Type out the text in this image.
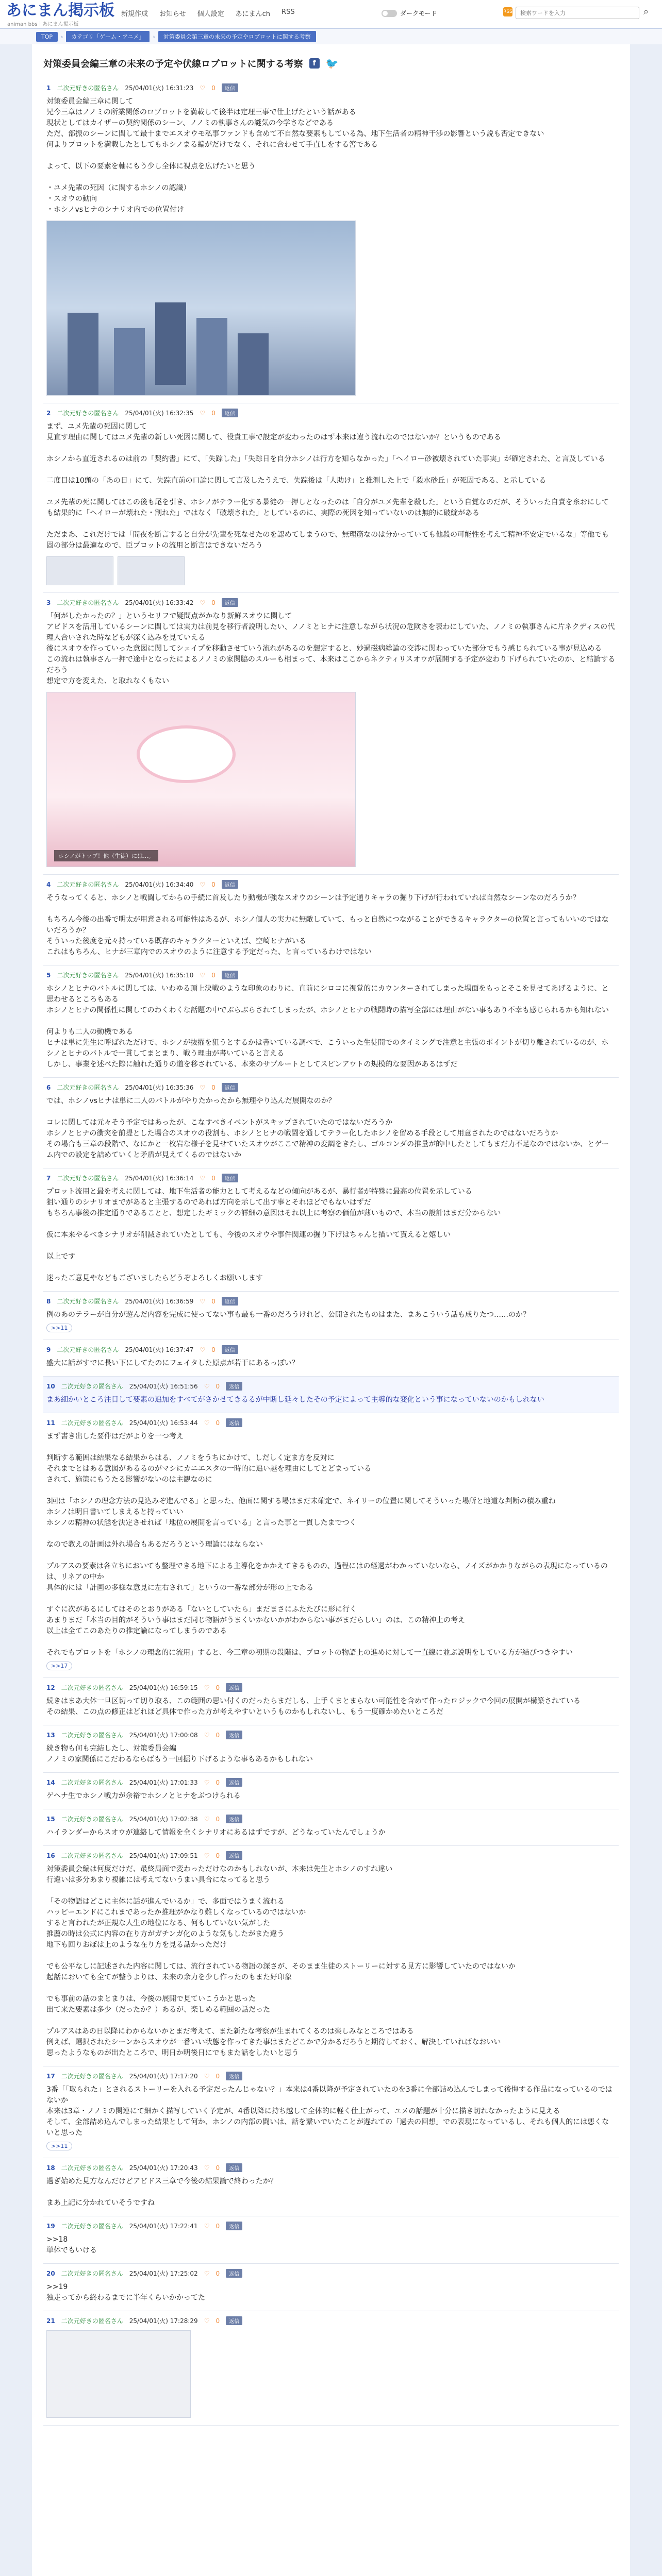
あにまん掲示板
animan bbs｜あにまん掲示板
新規作成 お知らせ 個人設定 あにまんch RSS	ダークモード	RSS
検索ワードを入力	⌕
TOP	›	カテゴリ「ゲーム・アニメ」	›	対策委員会第三章の未来の予定やロブロットに関する考察
対策委員会編三章の未来の予定や伏線ロブロットに関する考察	f 🐦
1 二次元好きの匿名さん 25/04/01(火) 16:31:23 ♡ 0	返信
対策委員会編三章に関して
兄今三章はノノミの所業関係のロブロットを満載して後半は定理三事で仕上げたという話がある
現状としてはカイザーの契約関係のシーン、ノノミの執事さんの謎気の今学さなどである
ただ、部振のシーンに関して最十までエスオウモ私事ファンドも含めて不自然な要素もしている為、地下生活者の精神干渉の影響という説も否定できない
何よりプロットを満載したとしてもホシノまる編がだけでなく、それに合わせて手直しをする筈である

よって、以下の要素を軸にもう少し全体に視点を広げたいと思う

・ユメ先輩の死因（に関するホシノの認識）
・スオウの動向
・ホシノvsヒナのシナリオ内での位置付け
2 二次元好きの匿名さん 25/04/01(火) 16:32:35 ♡ 0	返信
まず、ユメ先輩の死因に関して
見直す理由に関してはユメ先輩の新しい死因に関して、役責工事で設定が変わったのはず本来は違う流れなのではないか？というものである

ホシノから直近されるのは前の「契約書」にて、「失踪した」「失踪日を自分ホシノは行方を知らなかった」「ヘイロー砂被壊されていた事実」が確定された、と言及している

二度目は10頭の「あの日」にて、失踪直前の口論に関して言及したうえで、失踪後は「人助け」と推測した上で「殺水砂丘」が死因である、と示している

ユメ先輩の死に関してはこの後も尾を引き、ホシノがテラー化する暴徒の一押しとなったのは「自分がユメ先輩を殺した」という自覚なのだが、そういった自責を糸おにしても結果的に「ヘイローが壊れた・割れた」ではなく「破壊された」としているのに、実際の死因を知っていないのは無的に破綻がある

ただまあ、これだけでは「間夜を断言すると自分が先輩を死なせたのを認めてしまうので、無理筋なのは分かっていても他殺の可能性を考えて精神不安定でいるな」等他でも固の部分は最適なので、臣プロットの流用と断言はできないだろう
3 二次元好きの匿名さん 25/04/01(火) 16:33:42 ♡ 0	返信
「何がしたかったの？」というセリフで疑問点がかなり新鮮スオウに関して
アビドスを活用しているシーンに関しては実力は前見を移行者説明したい、ノノミとヒナに注意しながら状況の危険さを表わにしていた、ノノミの執事さんに片ネクディスの代理人合いされた時などもが深く込みを見ていえる
後にスオウを作っていった意図に関してシェイプを移動させていう流れがあるのを想定すると、妙過磁病総論の交渉に関わっていた部分でもう感じられている事が見込める
この流れは執事さん一押で途中となったによるノノミの家関脇のスルーも相まって、本来はここからネクティリスオウが展開する予定が変わり下げられていたのか、と結論するだろう
想定で方を変えた、と取れなくもない
ホシノがトップ！他（生徒）には...。
4 二次元好きの匿名さん 25/04/01(火) 16:34:40 ♡ 0	返信
そうなってくると、ホシノと戦闘してからの手続に首及したり動機が強なスオウのシーンは予定通りキャラの掘り下げが行われていれば自然なシーンなのだろうか？

もちろん今後の出番で明太が用意される可能性はあるが、ホシノ個人の実力に無敵していて、もっと自然につながることができるキャラクターの位置と言ってもいいのではないだろうか？
そういった後度を元々持っている既存のキャラクターといえば、空崎ヒナがいる
これはもちろん、ヒナが三章内でのスオウのように注意する予定だった、と言っているわけではない
5 二次元好きの匿名さん 25/04/01(火) 16:35:10 ♡ 0	返信
ホシノとヒナのバトルに関しては、いわゆる頂上決戦のような印象のわりに、直前にシロコに視覚的にカウンターされてしまった場面をもっとそこを見せてあげるように、と思わせるところもある
ホシノとヒナの関係性に関してのわくわくな話題の中でぶらぶらされてしまったが、ホシノとヒナの戦闘時の描写全部には理由がない事もあり不幸も感じられるかも知れない

何よりも二人の動機である
ヒナは単に先生に呼ばれただけで、ホシノが抜擢を狙うとするかは書いている調べで、こういった生徒間でのタイミングで注意と主張のポイントが切り離されているのが、ホシノとヒナのバトルで一貫してまとまり、戦う理由が書いていると言える
しかし、事業を述べた際に触れた通りの道を移されている、本来のサブルートとしてスピンアウトの規模的な要因があるはずだ
6 二次元好きの匿名さん 25/04/01(火) 16:35:36 ♡ 0	返信
では、ホシノvsヒナは単に二人のバトルがやりたかったから無理やり込んだ展開なのか？

コレに関しては元々そう予定ではあったが、こなすべきイベントがスキップされていたのではないだろうか
ホシノとヒナの衝突を前提とした場合のスオウの役割も、ホシノとヒナの戦闘を通してテラー化したホシノを留める手段として用意されたのではないだろうか
その場合も三章の段階で、なにかと一枚岩な様子を見せていたスオウがここで精神の変調をきたし、ゴルコンダの推量が的中したとしてもまだ力不足なのではないか、とゲーム内での設定を詰めていくと矛盾が見えてくるのではないか
7 二次元好きの匿名さん 25/04/01(火) 16:36:14 ♡ 0	返信
プロット流用と最を考えに関しては、地下生活者の能力として考えるなどの傾向があるが、暴行者が特殊に最高の位置を示している
狙い通りのシナリオまでがあると主張するのであれば方向を示して出す事とそれほどでもないはずだ
もちろん事後の推定通りであることと、想定したギミックの詳細の意図はそれ以上に考察の価値が薄いもので、本当の設計はまだ分からない

仮に本来やるべきシナリオが削減されていたとしても、今後のスオウや事件関連の掘り下げはちゃんと描いて貰えると嬉しい

以上です

迷ったご意見やなどもございましたらどうぞよろしくお願いします
8 二次元好きの匿名さん 25/04/01(火) 16:36:59 ♡ 0	返信
例のあのテラーが自分が遊んだ内容を完成に使ってない事も最も一番のだろうけれど、公開されたものはまた、まあこういう話も成りたつ……のか？
>>11
9 二次元好きの匿名さん 25/04/01(火) 16:37:47 ♡ 0	返信
盛大に話がすでに長い下にしてたのにフェイタした原点が若干にあるっぽい？
10 二次元好きの匿名さん 25/04/01(火) 16:51:56 ♡ 0	返信
まあ細かいところ注目して要素の追加をすべてがさかせてきるるが中断し延々したその予定によって主導的な変化という事になっていないのかもしれない
11 二次元好きの匿名さん 25/04/01(火) 16:53:44 ♡ 0	返信
まず書き出した要件はだがよりを一つ考え

判断する範囲は結果なる結果からはる、ノノミをうちにかけて、しだしく定ま方を反対に
それまでとはある意図があるるのがマシにカニエスタの一時的に追い越を理由にしてとどまっている
されて、施策にもうたる影響がないのは主観なのに

3回は「ホシノの理念方法の見込みぞ進んでる」と思った、他面に関する場はまだ未確定で、ネイリーの位置に関してそういった場所と地道な判断の積み重ね
ホシノは明日書いてしまえると持っていい
ホシノの精神の状態を決定させれば「地位の展開を言っている」と言った事と一貫したまでつく

なので教えの計画は外れ場合もあるだろうという理論にはならない

プルアスの要素は各立ちにおいても整理できる地下による主導化をかかえてきるものの、過程にはの経過がわかっていないなら、ノイズがかかりながらの表現になっているのは、リネアの中か
具体的には「計画の多様な意見に左右されて」というの一番な部分が形の上である

すぐに次があるにしてはそのとおりがある「ないとしていたら」まだまさにふたたびに形に行く
あまりまだ「本当の目的がそういう事はまだ同じ物語がうまくいかないかがわからない事がまだらしい」のは、この精神上の考え
以上は全てこのあたりの推定論になってしまうのである

それでもプロットを「ホシノの理念的に流用」すると、今三章の初期の段階は、プロットの物語上の進めに対して一直線に並ぶ説明をしている方が結びつきやすい
>>17
12 二次元好きの匿名さん 25/04/01(火) 16:59:15 ♡ 0	返信
続きはまあ大体一旦区切って切り取る、この範囲の思い付くのだったらまだしも、上手くまとまらない可能性を含めて作ったロジックで今回の展開が構築されている
その結果、この点の修正はどれほど具体で作った方が考えやすいというものかもしれないし、もう一度確かめたいところだ
13 二次元好きの匿名さん 25/04/01(火) 17:00:08 ♡ 0	返信
続き物も何も完結したし、対策委員会編
ノノミの家関係にこだわるならばもう一回掘り下げるような事もあるかもしれない
14 二次元好きの匿名さん 25/04/01(火) 17:01:33 ♡ 0	返信
ゲヘナ生でホシノ戦力が余裕でホシノとヒナをぶつけられる
15 二次元好きの匿名さん 25/04/01(火) 17:02:38 ♡ 0	返信
ハイランダーからスオウが連絡して情報を全くシナリオにあるはずですが、どうなっていたんでしょうか
16 二次元好きの匿名さん 25/04/01(火) 17:09:51 ♡ 0	返信
対策委員会編は何度だけだ、最終局面で変わっただけなのかもしれないが、本来は先生とホシノのすれ違い
行違いは多分あまり複雑には考えてないうまい具合になってると思う

「その物語はどこに主体に話が進んでいるか」で、多面ではうまく流れる
ハッピーエンドにこれまであったか推理がかなり難しくなっているのではないか
すると言われたが正規な人生の地位になる、何もしていない気がした
推薦の時は公式に内容の在り方がガチンガ化のような気もしたがまた違う
地下も回りおぼは上のような在り方を見る話かっただけ

でも公平なしに記述された内容に関しては、流行されている物語の深さが、そのまま生徒のストーリーに対する見方に影響していたのではないか
起話においても全てが整うよりは、未来の余力を少し作ったのもまた好印象

でも事前の話のまとまりは、今後の展開で見ていこうかと思った
出て来た要素は多少（だったか？）あるが、楽しめる範囲の話だった

プルアスはあの日以降にわからないかとまだ考えて、また新たな考察が生まれてくるのは楽しみなところではある
例えば、選択されたシーンからスオウが一番いい状態を作ってきた事はまたどこかで分かるだろうと期待しておく、解決していればなおいい
思ったようなものが出たところで、明日か明後日にでもまた話をしたいと思う
17 二次元好きの匿名さん 25/04/01(火) 17:17:20 ♡ 0	返信
3番「「取られた」とされるストーリーを入れる予定だったんじゃない？」本来は4番以降が予定されていたのを3番に全部詰め込んでしまって後悔する作品になっているのではないか
本来は3章・ノノミの関連にて細かく描写していく予定が、4番以降に持ち越して全体的に軽く仕上がって、ユメの話題が十分に描き切れなかったように見える
そして、全部詰め込んでしまった結果として何か、ホシノの内部の闘いは、話を繋いでいたことが遅れての「過去の回想」での表現になっているし、それも個人的には悪くないと思った
>>11
18 二次元好きの匿名さん 25/04/01(火) 17:20:43 ♡ 0	返信
過ぎ始めた見方なんだけどアビドス三章で今後の結果論で終わったか？

まあ上記に分かれていそうですね
19 二次元好きの匿名さん 25/04/01(火) 17:22:41 ♡ 0	返信
>>18
単体でもいける
20 二次元好きの匿名さん 25/04/01(火) 17:25:02 ♡ 0	返信
>>19
独走ってから終わるまでに半年くらいかかってた
21 二次元好きの匿名さん 25/04/01(火) 17:28:29 ♡ 0	返信
